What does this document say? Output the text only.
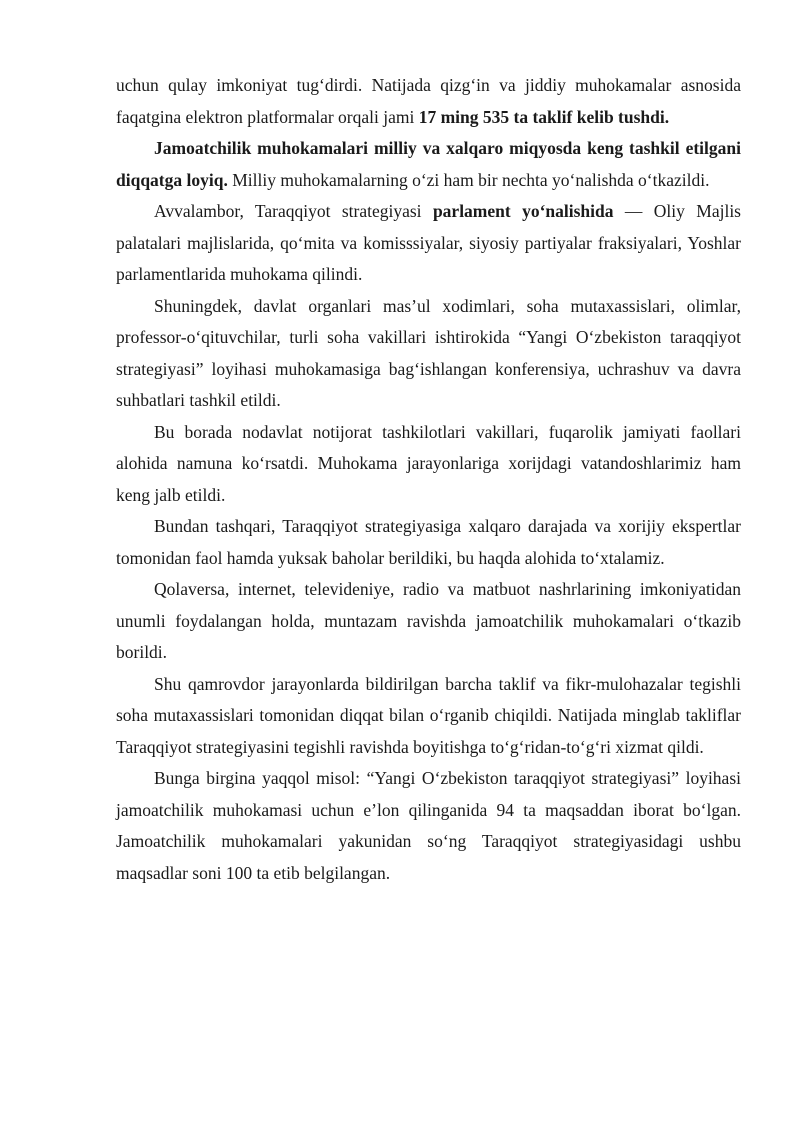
uchun qulay imkoniyat tug‘dirdi. Natijada qizg‘in va jiddiy muhokamalar asnosida faqatgina elektron platformalar orqali jami 17 ming 535 ta taklif kelib tushdi.

Jamoatchilik muhokamalari milliy va xalqaro miqyosda keng tashkil etilgani diqqatga loyiq. Milliy muhokamalarning o‘zi ham bir nechta yo‘nalishda o‘tkazildi.

Avvalambor, Taraqqiyot strategiyasi parlament yo‘nalishida — Oliy Majlis palatalari majlislarida, qo‘mita va komisssiyalar, siyosiy partiyalar fraksiyalari, Yoshlar parlamentlarida muhokama qilindi.

Shuningdek, davlat organlari mas’ul xodimlari, soha mutaxassislari, olimlar, professor-o‘qituvchilar, turli soha vakillari ishtirokida “Yangi O‘zbekiston taraqqiyot strategiyasi” loyihasi muhokamasiga bag‘ishlangan konferensiya, uchrashuv va davra suhbatlari tashkil etildi.

Bu borada nodavlat notijorat tashkilotlari vakillari, fuqarolik jamiyati faollari alohida namuna ko‘rsatdi. Muhokama jarayonlariga xorijdagi vatandoshlarimiz ham keng jalb etildi.

Bundan tashqari, Taraqqiyot strategiyasiga xalqaro darajada va xorijiy ekspertlar tomonidan faol hamda yuksak baholar berildiki, bu haqda alohida to‘xtalamiz.

Qolaversa, internet, televideniye, radio va matbuot nashrlarining imkoniyatidan unumli foydalangan holda, muntazam ravishda jamoatchilik muhokamalari o‘tkazib borildi.

Shu qamrovdor jarayonlarda bildirilgan barcha taklif va fikr-mulohazalar tegishli soha mutaxassislari tomonidan diqqat bilan o‘rganib chiqildi. Natijada minglab takliflar Taraqqiyot strategiyasini tegishli ravishda boyitishga to‘g‘ridan-to‘g‘ri xizmat qildi.

Bunga birgina yaqqol misol: “Yangi O‘zbekiston taraqqiyot strategiyasi” loyihasi jamoatchilik muhokamasi uchun e’lon qilinganida 94 ta maqsaddan iborat bo‘lgan. Jamoatchilik muhokamalari yakunidan so‘ng Taraqqiyot strategiyasidagi ushbu maqsadlar soni 100 ta etib belgilangan.
